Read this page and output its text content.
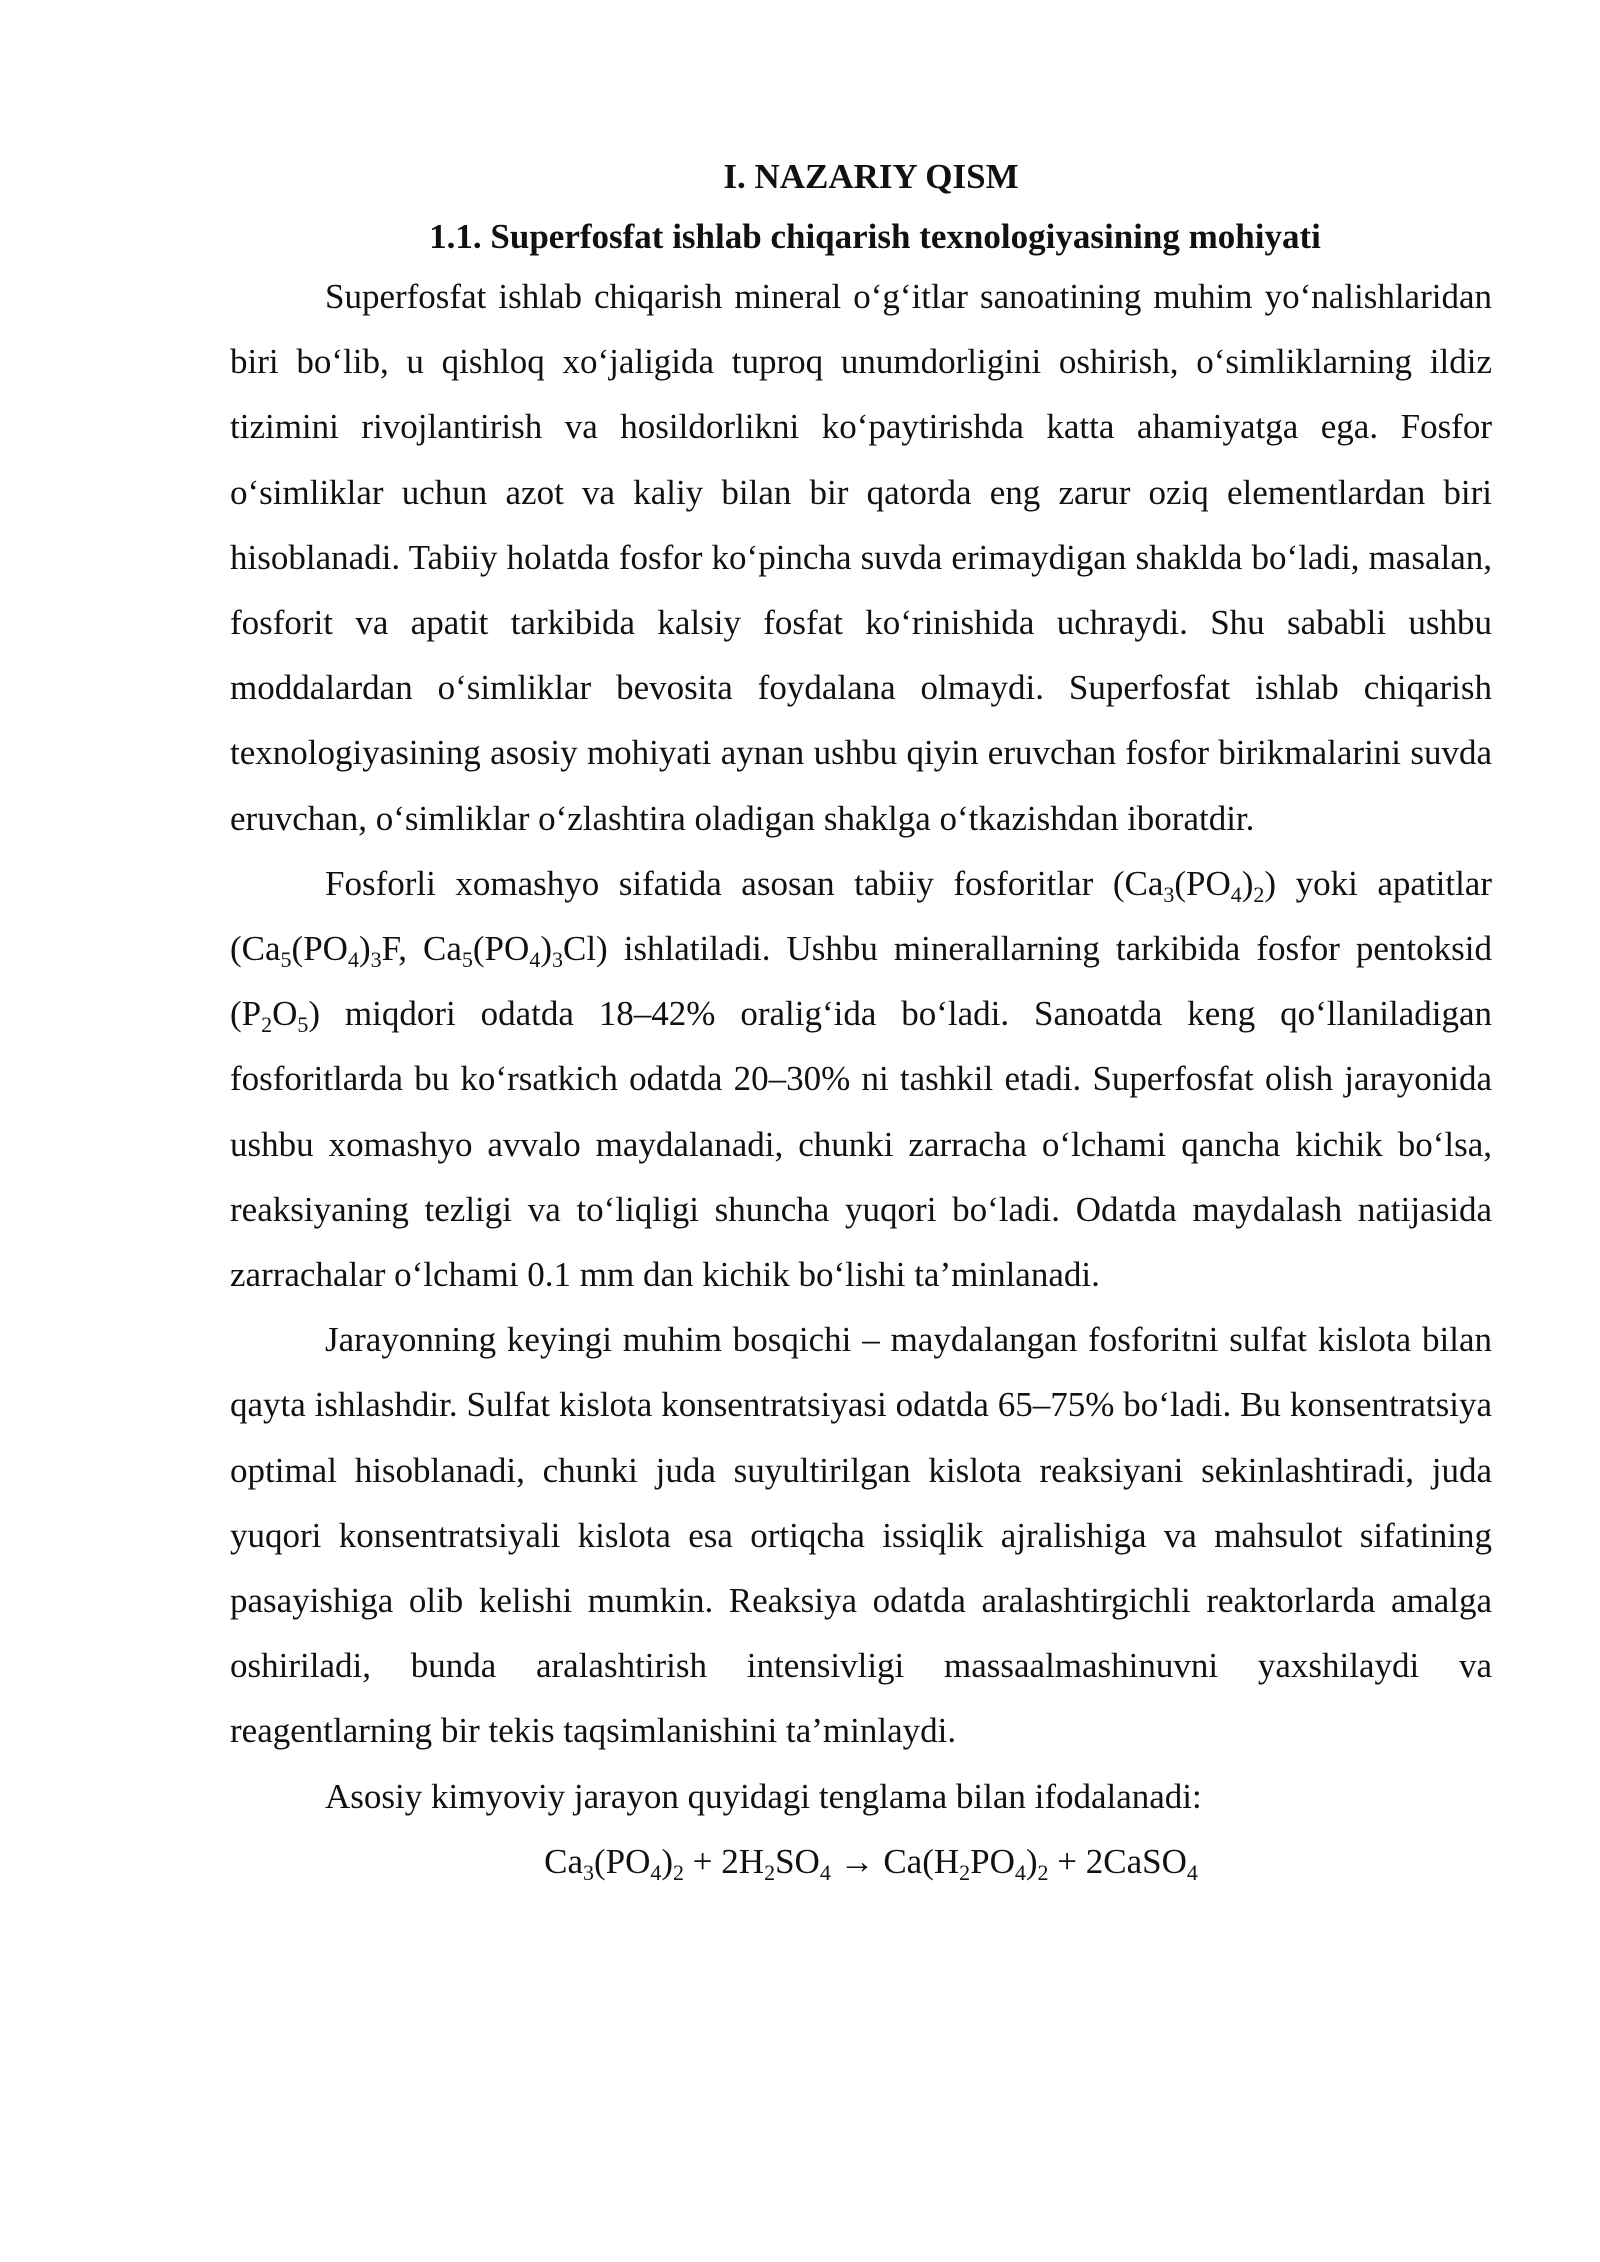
I. NAZARIY QISM
1.1. Superfosfat ishlab chiqarish texnologiyasining mohiyati

Superfosfat ishlab chiqarish mineral o‘g‘itlar sanoatining muhim yo‘nalishlaridan biri bo‘lib, u qishloq xo‘jaligida tuproq unumdorligini oshirish, o‘simliklarning ildiz tizimini rivojlantirish va hosildorlikni ko‘paytirishda katta ahamiyatga ega. Fosfor o‘simliklar uchun azot va kaliy bilan bir qatorda eng zarur oziq elementlardan biri hisoblanadi. Tabiiy holatda fosfor ko‘pincha suvda erimaydigan shaklda bo‘ladi, masalan, fosforit va apatit tarkibida kalsiy fosfat ko‘rinishida uchraydi. Shu sababli ushbu moddalardan o‘simliklar bevosita foydalana olmaydi. Superfosfat ishlab chiqarish texnologiyasining asosiy mohiyati aynan ushbu qiyin eruvchan fosfor birikmalarini suvda eruvchan, o‘simliklar o‘zlashtira oladigan shaklga o‘tkazishdan iboratdir.

Fosforli xomashyo sifatida asosan tabiiy fosforitlar $(Ca_3(PO_4)_2)$ yoki apatitlar ($Ca_5(PO_4)_3F$, $Ca_5(PO_4)_3Cl$) ishlatiladi. Ushbu minerallarning tarkibida fosfor pentoksid $(P_2O_5)$ miqdori odatda 18–42% oralig‘ida bo‘ladi. Sanoatda keng qo‘llaniladigan fosforitlarda bu ko‘rsatkich odatda 20–30% ni tashkil etadi. Superfosfat olish jarayonida ushbu xomashyo avvalo maydalanadi, chunki zarracha o‘lchami qancha kichik bo‘lsa, reaksiyaning tezligi va to‘liqligi shuncha yuqori bo‘ladi. Odatda maydalash natijasida zarrachalar o‘lchami 0.1 mm dan kichik bo‘lishi ta’minlanadi.

Jarayonning keyingi muhim bosqichi – maydalangan fosforitni sulfat kislota bilan qayta ishlashdir. Sulfat kislota konsentratsiyasi odatda 65–75% bo‘ladi. Bu konsentratsiya optimal hisoblanadi, chunki juda suyultirilgan kislota reaksiyani sekinlashtiradi, juda yuqori konsentratsiyali kislota esa ortiqcha issiqlik ajralishiga va mahsulot sifatining pasayishiga olib kelishi mumkin. Reaksiya odatda aralashtirgichli reaktorlarda amalga oshiriladi, bunda aralashtirish intensivligi massaalmashinuvni yaxshilaydi va reagentlarning bir tekis taqsimlanishini ta’minlaydi.

Asosiy kimyoviy jarayon quyidagi tenglama bilan ifodalanadi:

$Ca_3(PO_4)_2 + 2H_2SO_4 \to Ca(H_2PO_4)_2$ + 2CaSO$_4$
